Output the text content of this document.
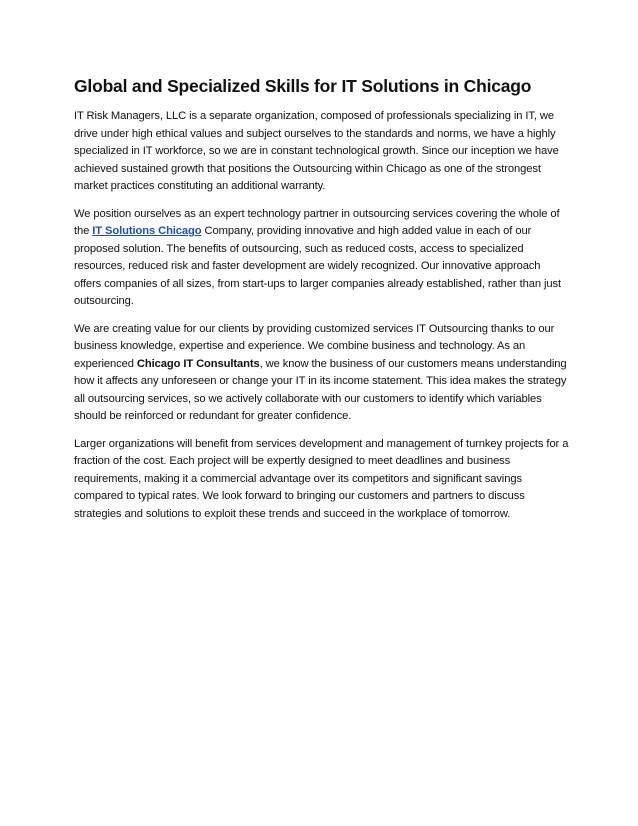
Global and Specialized Skills for IT Solutions in Chicago

IT Risk Managers, LLC is a separate organization, composed of professionals specializing in IT, we drive under high ethical values and subject ourselves to the standards and norms, we have a highly specialized in IT workforce, so we are in constant technological growth. Since our inception we have achieved sustained growth that positions the Outsourcing within Chicago as one of the strongest market practices constituting an additional warranty.

We position ourselves as an expert technology partner in outsourcing services covering the whole of the IT Solutions Chicago Company, providing innovative and high added value in each of our proposed solution. The benefits of outsourcing, such as reduced costs, access to specialized resources, reduced risk and faster development are widely recognized. Our innovative approach offers companies of all sizes, from start-ups to larger companies already established, rather than just outsourcing.

We are creating value for our clients by providing customized services IT Outsourcing thanks to our business knowledge, expertise and experience. We combine business and technology. As an experienced Chicago IT Consultants, we know the business of our customers means understanding how it affects any unforeseen or change your IT in its income statement. This idea makes the strategy all outsourcing services, so we actively collaborate with our customers to identify which variables should be reinforced or redundant for greater confidence.

Larger organizations will benefit from services development and management of turnkey projects for a fraction of the cost. Each project will be expertly designed to meet deadlines and business requirements, making it a commercial advantage over its competitors and significant savings compared to typical rates. We look forward to bringing our customers and partners to discuss strategies and solutions to exploit these trends and succeed in the workplace of tomorrow.
